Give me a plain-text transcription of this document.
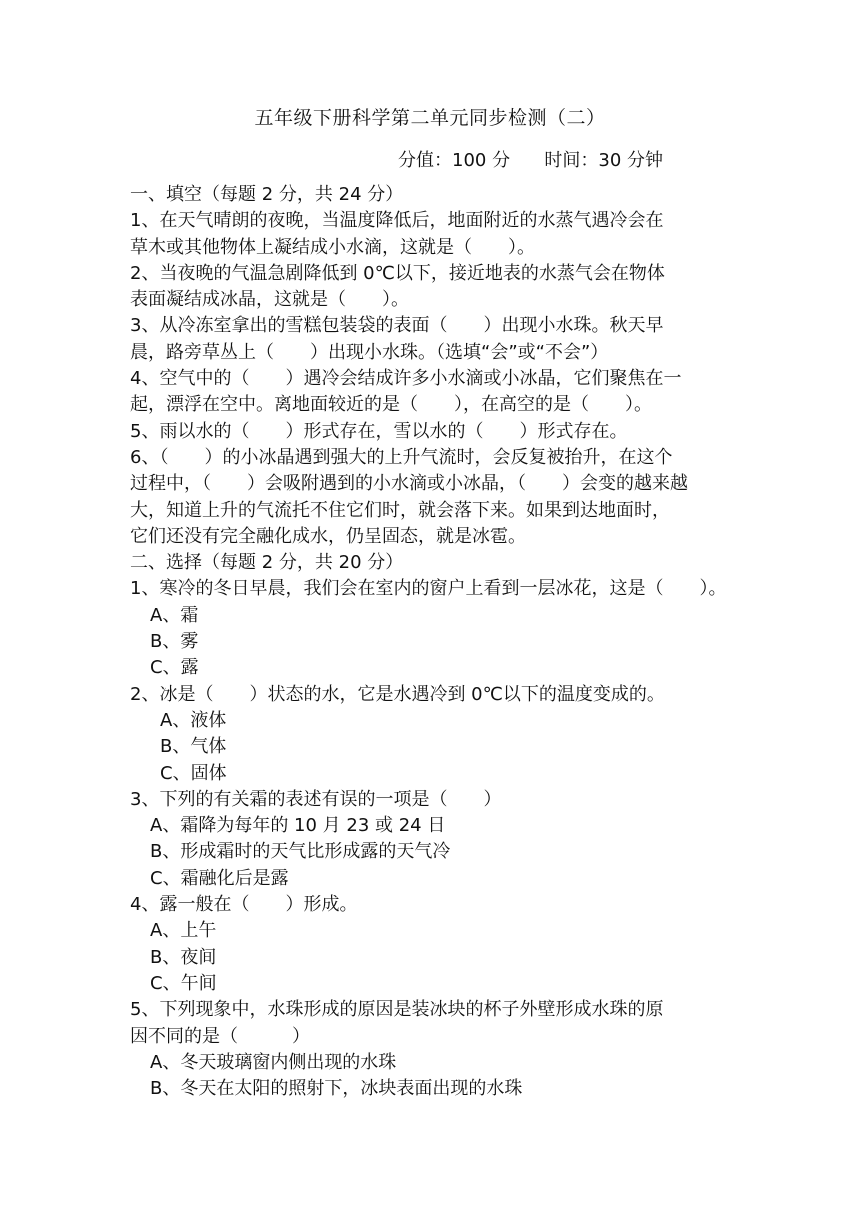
五年级下册科学第二单元同步检测（二）
分值：100 分      时间：30 分钟
一、填空（每题 2 分，共 24 分）
1、在天气晴朗的夜晚，当温度降低后，地面附近的水蒸气遇冷会在
草木或其他物体上凝结成小水滴，这就是（　　）。
2、当夜晚的气温急剧降低到 0℃以下，接近地表的水蒸气会在物体
表面凝结成冰晶，这就是（　　）。
3、从冷冻室拿出的雪糕包装袋的表面（　　）出现小水珠。秋天早
晨，路旁草丛上（　　）出现小水珠。（选填“会”或“不会”）
4、空气中的（　　）遇冷会结成许多小水滴或小冰晶，它们聚焦在一
起，漂浮在空中。离地面较近的是（　　），在高空的是（　　）。
5、雨以水的（　　）形式存在，雪以水的（　　）形式存在。
6、（　　）的小冰晶遇到强大的上升气流时，会反复被抬升，在这个
过程中，（　　）会吸附遇到的小水滴或小冰晶，（　　）会变的越来越
大，知道上升的气流托不住它们时，就会落下来。如果到达地面时，
它们还没有完全融化成水，仍呈固态，就是冰雹。
二、选择（每题 2 分，共 20 分）
1、寒冷的冬日早晨，我们会在室内的窗户上看到一层冰花，这是（　　）。
A、霜
B、雾
C、露
2、冰是（　　）状态的水，它是水遇冷到 0℃以下的温度变成的。
A、液体
B、气体
C、固体
3、下列的有关霜的表述有误的一项是（　　）
A、霜降为每年的 10 月 23 或 24 日
B、形成霜时的天气比形成露的天气冷
C、霜融化后是露
4、露一般在（　　）形成。
A、上午
B、夜间
C、午间
5、下列现象中，水珠形成的原因是装冰块的杯子外壁形成水珠的原
因不同的是（　　　）
A、冬天玻璃窗内侧出现的水珠
B、冬天在太阳的照射下，冰块表面出现的水珠
